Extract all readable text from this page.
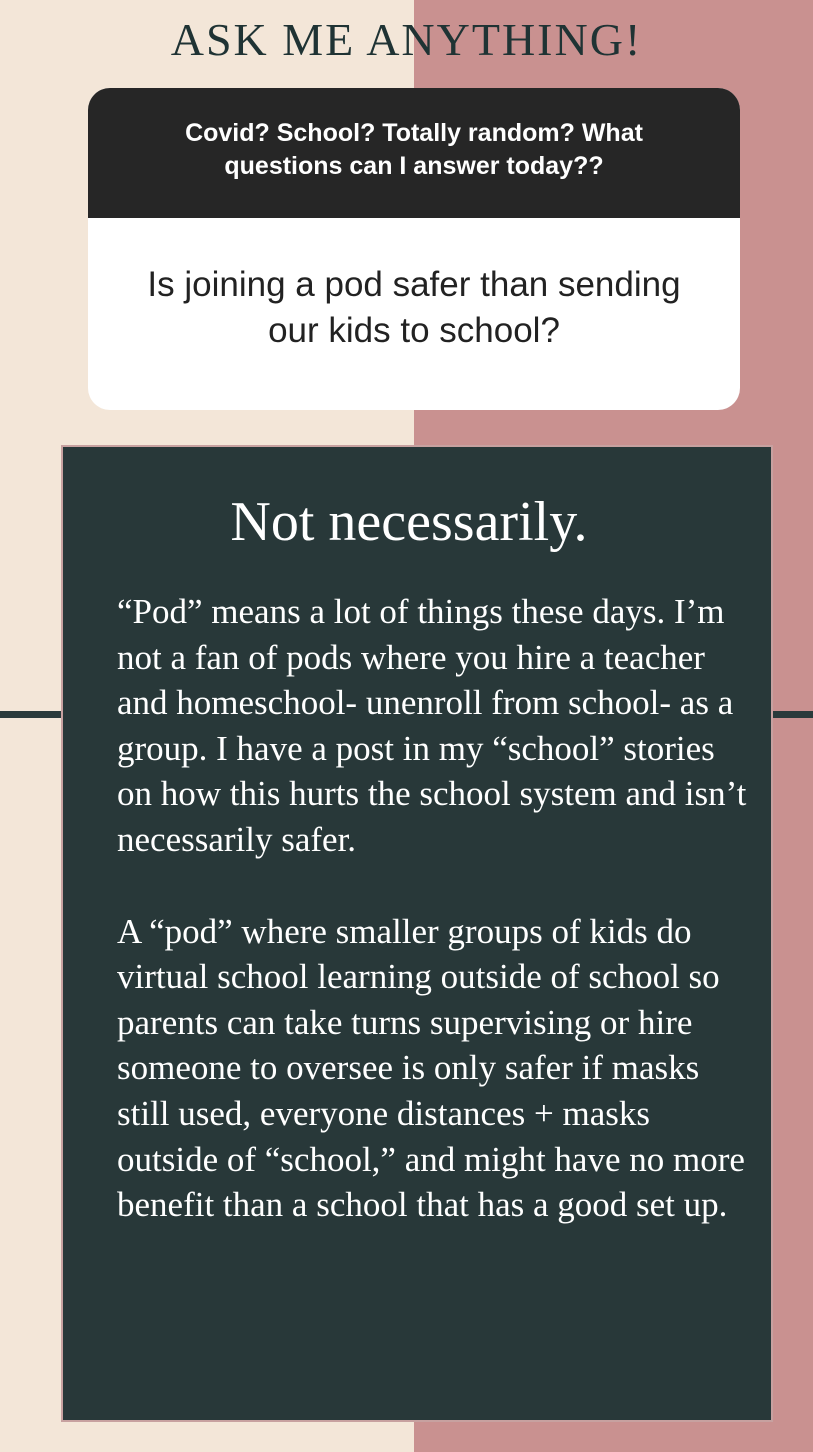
ASK ME ANYTHING!
Covid? School? Totally random? What questions can I answer today??
Is joining a pod safer than sending our kids to school?
Not necessarily.

“Pod” means a lot of things these days. I’m not a fan of pods where you hire a teacher and homeschool- unenroll from school- as a group. I have a post in my “school” stories on how this hurts the school system and isn’t necessarily safer.

A “pod” where smaller groups of kids do virtual school learning outside of school so parents can take turns supervising or hire someone to oversee is only safer if masks still used, everyone distances + masks outside of “school,” and might have no more benefit than a school that has a good set up.
